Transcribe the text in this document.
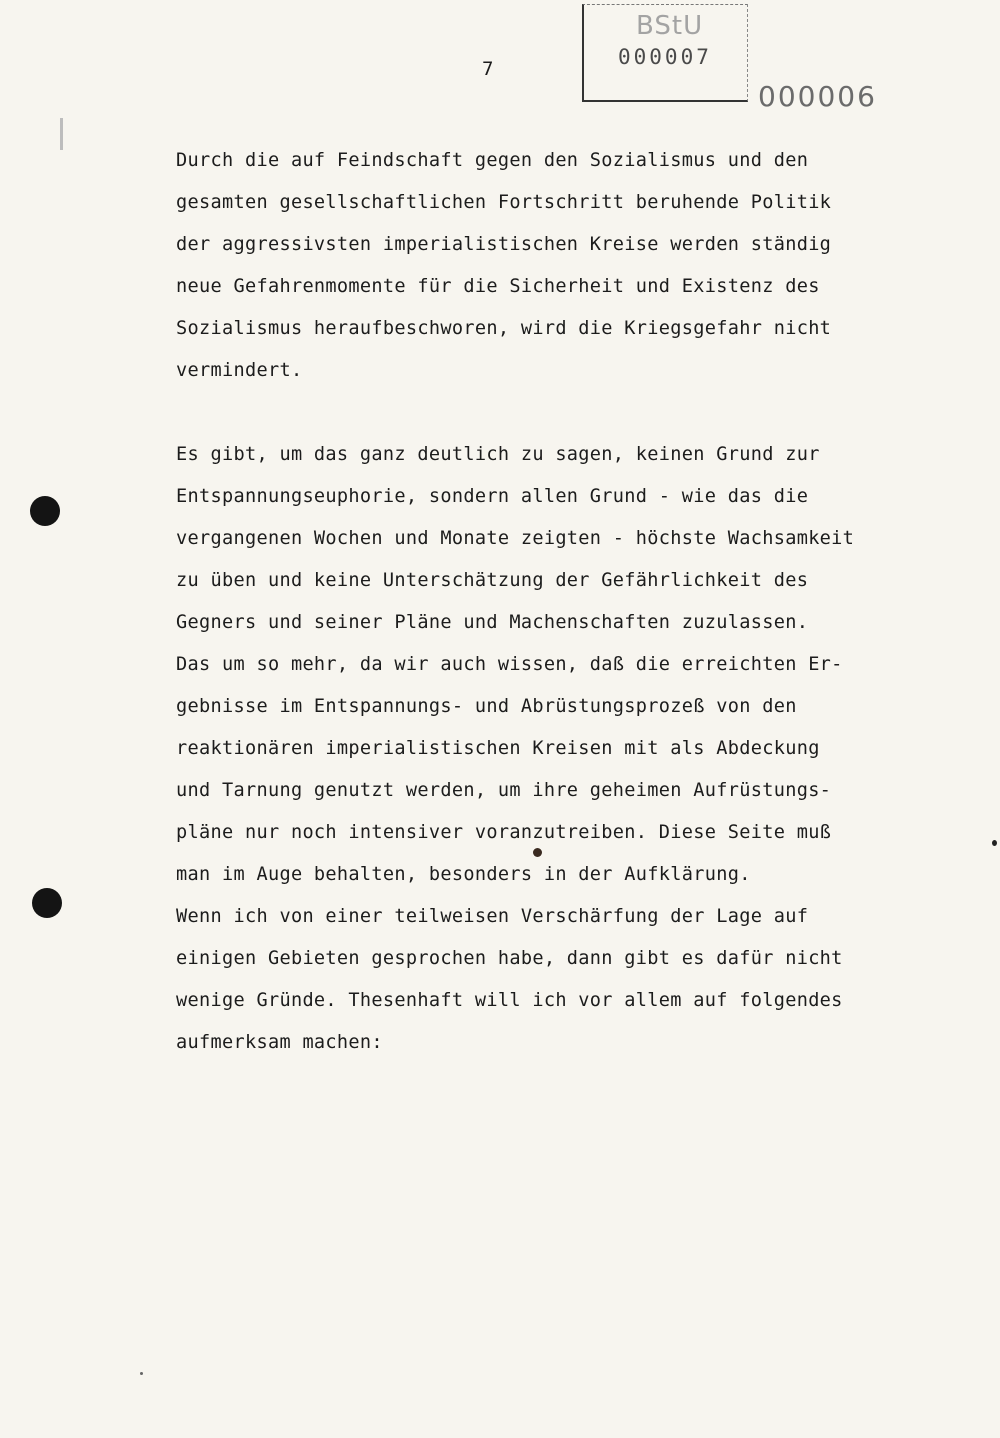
BStU
000007
7
000006
Durch die auf Feindschaft gegen den Sozialismus und den
gesamten gesellschaftlichen Fortschritt beruhende Politik
der aggressivsten imperialistischen Kreise werden ständig
neue Gefahrenmomente für die Sicherheit und Existenz des
Sozialismus heraufbeschworen, wird die Kriegsgefahr nicht
vermindert.
Es gibt, um das ganz deutlich zu sagen, keinen Grund zur
Entspannungseuphorie, sondern allen Grund - wie das die
vergangenen Wochen und Monate zeigten - höchste Wachsamkeit
zu üben und keine Unterschätzung der Gefährlichkeit des
Gegners und seiner Pläne und Machenschaften zuzulassen.
Das um so mehr, da wir auch wissen, daß die erreichten Er-
gebnisse im Entspannungs- und Abrüstungsprozeß von den
reaktionären imperialistischen Kreisen mit als Abdeckung
und Tarnung genutzt werden, um ihre geheimen Aufrüstungs-
pläne nur noch intensiver voranzutreiben. Diese Seite muß
man im Auge behalten, besonders in der Aufklärung.
Wenn ich von einer teilweisen Verschärfung der Lage auf
einigen Gebieten gesprochen habe, dann gibt es dafür nicht
wenige Gründe. Thesenhaft will ich vor allem auf folgendes
aufmerksam machen:
